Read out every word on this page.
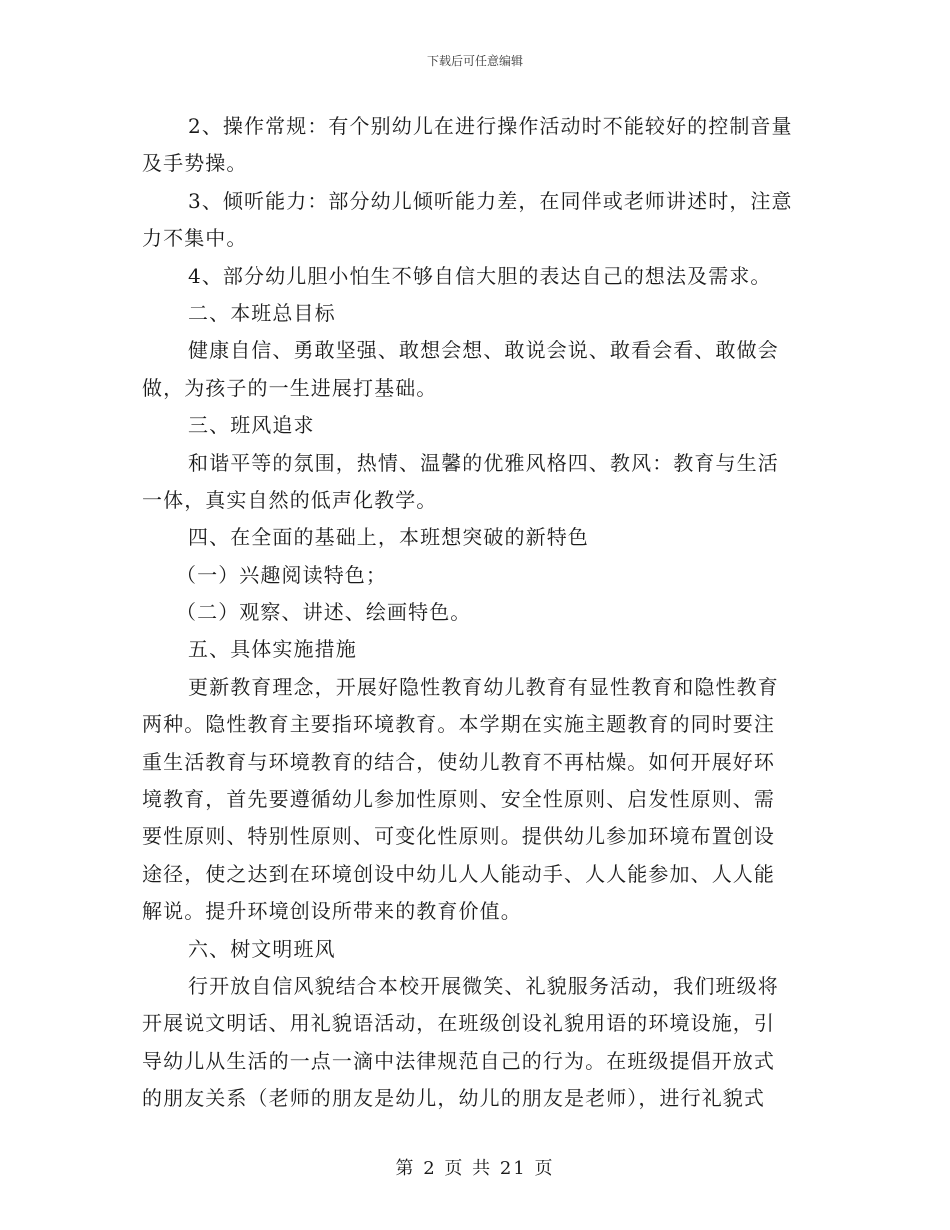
下载后可任意编辑
2、操作常规：有个别幼儿在进行操作活动时不能较好的控制音量
及手势操。
3、倾听能力：部分幼儿倾听能力差，在同伴或老师讲述时，注意
力不集中。
4、部分幼儿胆小怕生不够自信大胆的表达自己的想法及需求。
二、本班总目标
健康自信、勇敢坚强、敢想会想、敢说会说、敢看会看、敢做会
做，为孩子的一生进展打基础。
三、班风追求
和谐平等的氛围，热情、温馨的优雅风格四、教风：教育与生活
一体，真实自然的低声化教学。
四、在全面的基础上，本班想突破的新特色
（一）兴趣阅读特色；
（二）观察、讲述、绘画特色。
五、具体实施措施
更新教育理念，开展好隐性教育幼儿教育有显性教育和隐性教育
两种。隐性教育主要指环境教育。本学期在实施主题教育的同时要注
重生活教育与环境教育的结合，使幼儿教育不再枯燥。如何开展好环
境教育，首先要遵循幼儿参加性原则、安全性原则、启发性原则、需
要性原则、特别性原则、可变化性原则。提供幼儿参加环境布置创设
途径，使之达到在环境创设中幼儿人人能动手、人人能参加、人人能
解说。提升环境创设所带来的教育价值。
六、树文明班风
行开放自信风貌结合本校开展微笑、礼貌服务活动，我们班级将
开展说文明话、用礼貌语活动，在班级创设礼貌用语的环境设施，引
导幼儿从生活的一点一滴中法律规范自己的行为。在班级提倡开放式
的朋友关系（老师的朋友是幼儿，幼儿的朋友是老师），进行礼貌式
第 2 页 共 21 页
